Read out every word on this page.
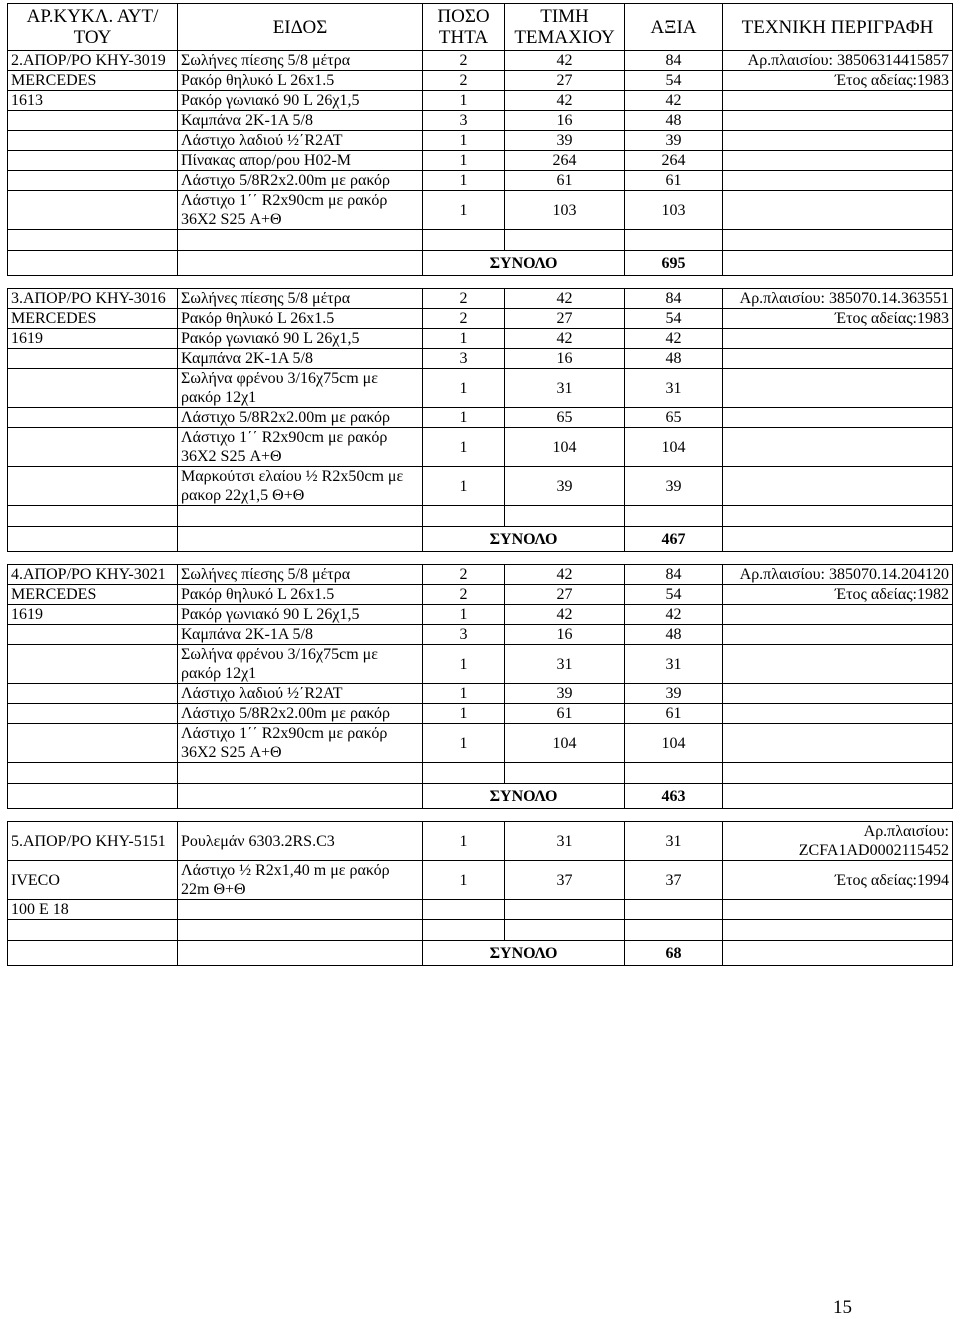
ΑΡ.ΚΥΚΛ. ΑΥΤ/ΤΟΥ	ΕΙΔΟΣ	ΠΟΣΟ ΤΗΤΑ	ΤΙΜΗ ΤΕΜΑΧΙΟΥ	ΑΞΙΑ	ΤΕΧΝΙΚΗ ΠΕΡΙΓΡΑΦΗ
2.ΑΠΟΡ/ΡΟ ΚΗΥ-3019	Σωλήνες πίεσης 5/8 μέτρα	2	42	84	Αρ.πλαισίου: 38506314415857
MERCEDES	Ρακόρ θηλυκό L 26x1.5	2	27	54	Έτος αδείας:1983
1613	Ρακόρ γωνιακό 90 L 26χ1,5	1	42	42	
	Καμπάνα 2Κ-1Α 5/8	3	16	48	
	Λάστιχο λαδιού ½΄R2AT	1	39	39	
	Πίνακας απορ/ρου Η02-Μ	1	264	264	
	Λάστιχο 5/8R2x2.00m με ρακόρ	1	61	61	
	Λάστιχο 1΄΄ R2x90cm με ρακόρ 36Χ2 S25 Α+Θ	1	103	103	

		ΣΥΝΟΛΟ		695	

3.ΑΠΟΡ/ΡΟ ΚΗΥ-3016	Σωλήνες πίεσης 5/8 μέτρα	2	42	84	Αρ.πλαισίου: 385070.14.363551
MERCEDES	Ρακόρ θηλυκό L 26x1.5	2	27	54	Έτος αδείας:1983
1619	Ρακόρ γωνιακό 90 L 26χ1,5	1	42	42	
	Καμπάνα 2Κ-1Α 5/8	3	16	48	
	Σωλήνα φρένου 3/16χ75cm με ρακόρ 12χ1	1	31	31	
	Λάστιχο 5/8R2x2.00m με ρακόρ	1	65	65	
	Λάστιχο 1΄΄ R2x90cm με ρακόρ 36Χ2 S25 Α+Θ	1	104	104	
	Μαρκούτσι ελαίου ½ R2x50cm με ρακορ 22χ1,5 Θ+Θ	1	39	39	

		ΣΥΝΟΛΟ		467	

4.ΑΠΟΡ/ΡΟ ΚΗΥ-3021	Σωλήνες πίεσης 5/8 μέτρα	2	42	84	Αρ.πλαισίου: 385070.14.204120
MERCEDES	Ρακόρ θηλυκό L 26x1.5	2	27	54	Έτος αδείας:1982
1619	Ρακόρ γωνιακό 90 L 26χ1,5	1	42	42	
	Καμπάνα 2Κ-1Α 5/8	3	16	48	
	Σωλήνα φρένου 3/16χ75cm με ρακόρ 12χ1	1	31	31	
	Λάστιχο λαδιού ½΄R2AT	1	39	39	
	Λάστιχο 5/8R2x2.00m με ρακόρ	1	61	61	
	Λάστιχο 1΄΄ R2x90cm με ρακόρ 36Χ2 S25 Α+Θ	1	104	104	

		ΣΥΝΟΛΟ		463	

5.ΑΠΟΡ/ΡΟ ΚΗΥ-5151	Ρουλεμάν 6303.2RS.C3	1	31	31	Αρ.πλαισίου: ZCFA1AD0002115452
IVECO	Λάστιχο ½ R2x1,40 m με ρακόρ 22m Θ+Θ	1	37	37	Έτος αδείας:1994
100 E 18					

		ΣΥΝΟΛΟ		68	
15
